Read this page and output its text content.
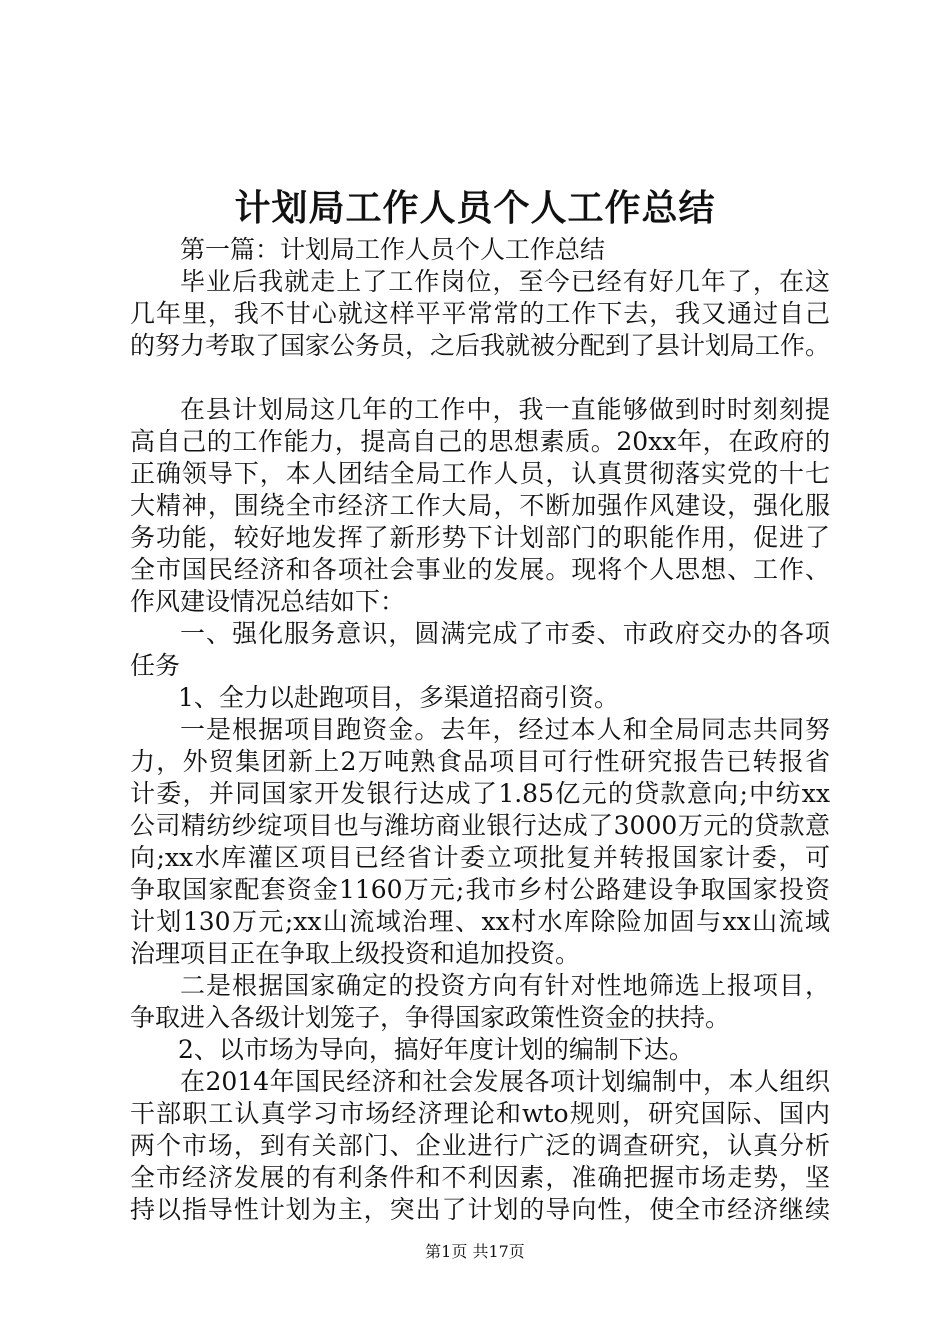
计划局工作人员个人工作总结
第一篇：计划局工作人员个人工作总结
毕业后我就走上了工作岗位，至今已经有好几年了，在这
几年里，我不甘心就这样平平常常的工作下去，我又通过自己
的努力考取了国家公务员，之后我就被分配到了县计划局工作。
在县计划局这几年的工作中，我一直能够做到时时刻刻提
高自己的工作能力，提高自己的思想素质。20xx年，在政府的
正确领导下，本人团结全局工作人员，认真贯彻落实党的十七
大精神，围绕全市经济工作大局，不断加强作风建设，强化服
务功能，较好地发挥了新形势下计划部门的职能作用，促进了
全市国民经济和各项社会事业的发展。现将个人思想、工作、
作风建设情况总结如下：
一、强化服务意识，圆满完成了市委、市政府交办的各项
任务
1、全力以赴跑项目，多渠道招商引资。
一是根据项目跑资金。去年，经过本人和全局同志共同努
力，外贸集团新上2万吨熟食品项目可行性研究报告已转报省
计委，并同国家开发银行达成了1.85亿元的贷款意向;中纺xx
公司精纺纱绽项目也与潍坊商业银行达成了3000万元的贷款意
向;xx水库灌区项目已经省计委立项批复并转报国家计委，可
争取国家配套资金1160万元;我市乡村公路建设争取国家投资
计划130万元;xx山流域治理、xx村水库除险加固与xx山流域
治理项目正在争取上级投资和追加投资。
二是根据国家确定的投资方向有针对性地筛选上报项目，
争取进入各级计划笼子，争得国家政策性资金的扶持。
2、以市场为导向，搞好年度计划的编制下达。
在2014年国民经济和社会发展各项计划编制中，本人组织
干部职工认真学习市场经济理论和wto规则，研究国际、国内
两个市场，到有关部门、企业进行广泛的调查研究，认真分析
全市经济发展的有利条件和不利因素，准确把握市场走势，坚
持以指导性计划为主，突出了计划的导向性，使全市经济继续
第1页 共17页
